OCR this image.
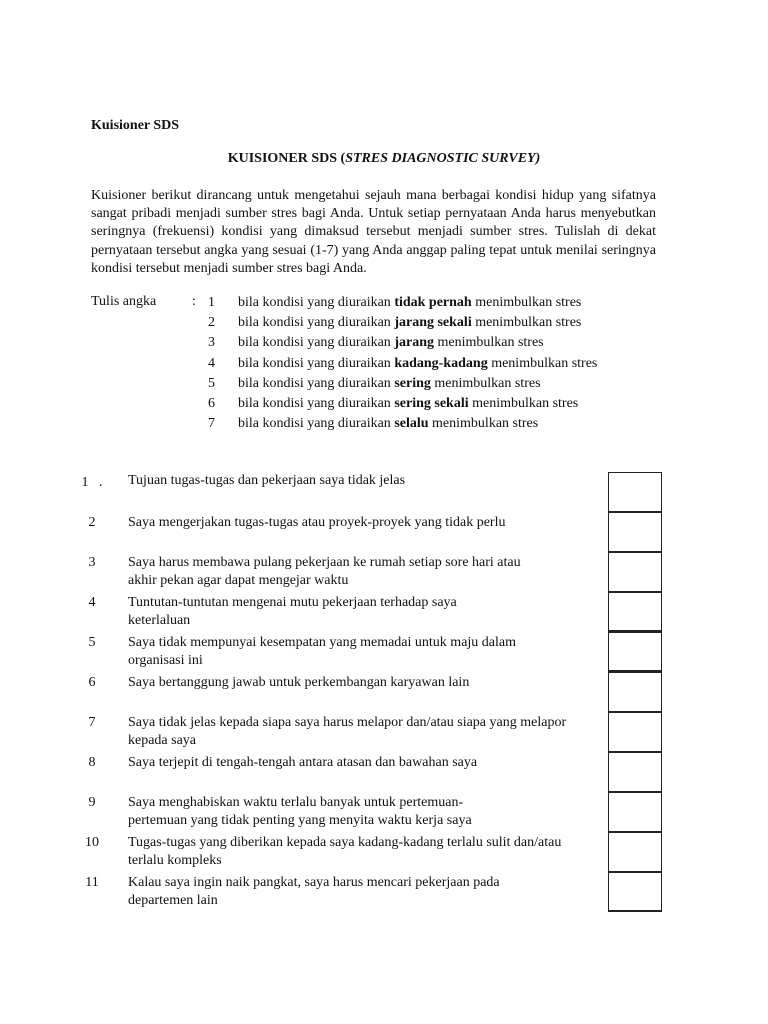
Kuisioner SDS
KUISIONER SDS (STRES DIAGNOSTIC SURVEY)

Kuisioner berikut dirancang untuk mengetahui sejauh mana berbagai kondisi hidup yang sifatnya sangat pribadi menjadi sumber stres bagi Anda. Untuk setiap pernyataan Anda harus menyebutkan seringnya (frekuensi) kondisi yang dimaksud tersebut menjadi sumber stres. Tulislah di dekat pernyataan tersebut angka yang sesuai (1-7) yang Anda anggap paling tepat untuk menilai seringnya kondisi tersebut menjadi sumber stres bagi Anda.

Tulis angka	: 1 bila kondisi yang diuraikan tidak pernah menimbulkan stres
2 bila kondisi yang diuraikan jarang sekali menimbulkan stres
3 bila kondisi yang diuraikan jarang menimbulkan stres
4 bila kondisi yang diuraikan kadang-kadang menimbulkan stres
5 bila kondisi yang diuraikan sering menimbulkan stres
6 bila kondisi yang diuraikan sering sekali menimbulkan stres
7 bila kondisi yang diuraikan selalu menimbulkan stres
1   .	Tujuan tugas-tugas dan pekerjaan saya tidak jelas
2	Saya mengerjakan tugas-tugas atau proyek-proyek yang tidak perlu
3	Saya harus membawa pulang pekerjaan ke rumah setiap sore hari atau akhir pekan agar dapat mengejar waktu
4	Tuntutan-tuntutan mengenai mutu pekerjaan terhadap saya keterlaluan
5	Saya tidak mempunyai kesempatan yang memadai untuk maju dalam organisasi ini
6	Saya bertanggung jawab untuk perkembangan karyawan lain
7	Saya tidak jelas kepada siapa saya harus melapor dan/atau siapa yang melapor kepada saya
8	Saya terjepit di tengah-tengah antara atasan dan bawahan saya
9	Saya menghabiskan waktu terlalu banyak untuk pertemuan-pertemuan yang tidak penting yang menyita waktu kerja saya
10	Tugas-tugas yang diberikan kepada saya kadang-kadang terlalu sulit dan/atau terlalu kompleks
11	Kalau saya ingin naik pangkat, saya harus mencari pekerjaan pada departemen lain
